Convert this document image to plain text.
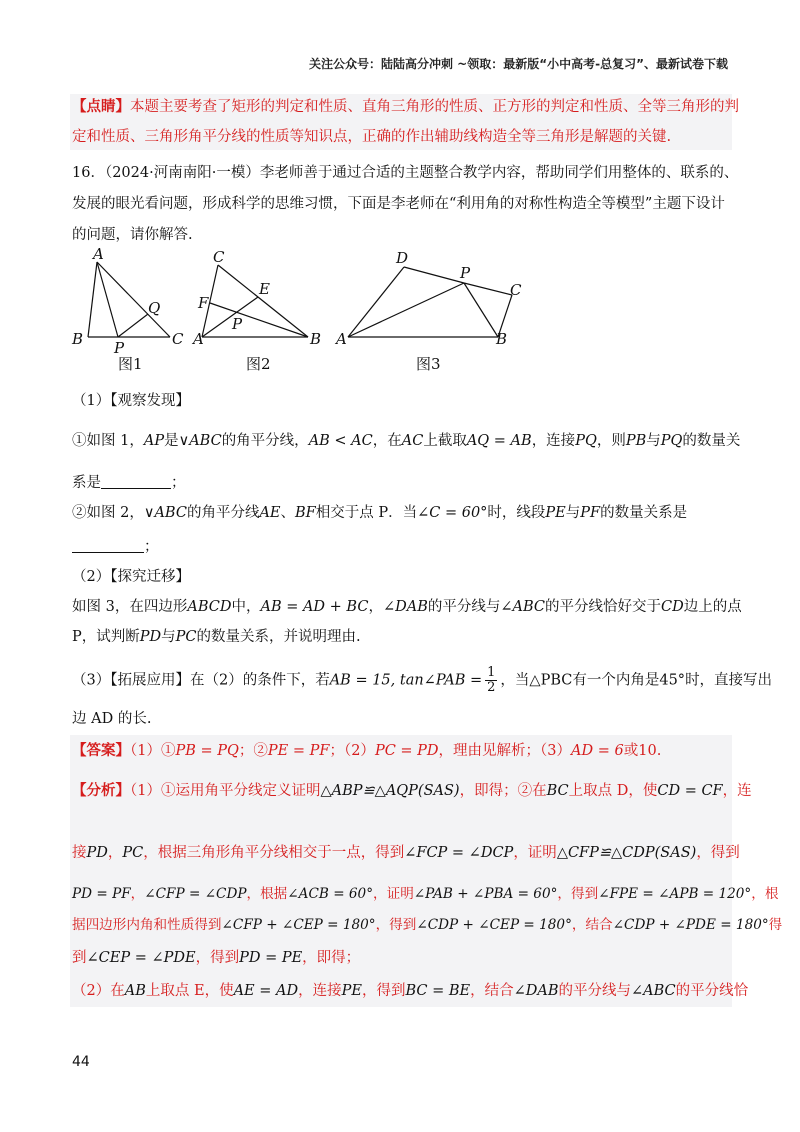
关注公众号：陆陆高分冲刺 ~领取：最新版“小中高考-总复习”、最新试卷下载
【点睛】本题主要考查了矩形的判定和性质、直角三角形的性质、正方形的判定和性质、全等三角形的判
定和性质、三角形角平分线的性质等知识点，正确的作出辅助线构造全等三角形是解题的关键.
16．（2024·河南南阳·一模）李老师善于通过合适的主题整合教学内容，帮助同学们用整体的、联系的、
发展的眼光看问题，形成科学的思维习惯，下面是李老师在“利用角的对称性构造全等模型”主题下设计
的问题，请你解答.
A
B	C
P
Q
图1
C
E
F
P
A	B
图2
D
P
C
A	B
图3
（1）【观察发现】
①如图 1，AP是∨ABC的角平分线，AB < AC，在AC上截取AQ = AB，连接PQ，则PB与PQ的数量关
系是	；
②如图 2，∨ABC的角平分线AE、BF相交于点 P．当∠C = 60°时，线段PE与PF的数量关系是
；
（2）【探究迁移】
如图 3，在四边形ABCD中，AB = AD + BC，∠DAB的平分线与∠ABC的平分线恰好交于CD边上的点
P，试判断PD与PC的数量关系，并说明理由.
（3）【拓展应用】在（2）的条件下，若AB = 15, tan∠PAB = $\frac{1}{2}$ ，当△PBC有一个内角是45°时，直接写出
边 AD 的长.
【答案】（1）①PB = PQ；②PE = PF；（2）PC = PD，理由见解析；（3）AD = 6或10.
【分析】（1）①运用角平分线定义证明△ABP≌△AQP(SAS)，即得；②在BC上取点 D，使CD = CF，连
接PD，PC，根据三角形角平分线相交于一点，得到∠FCP = ∠DCP，证明△CFP≌△CDP(SAS)，得到
PD = PF，∠CFP = ∠CDP，根据∠ACB = 60°，证明∠PAB + ∠PBA = 60°，得到∠FPE = ∠APB = 120°，根
据四边形内角和性质得到∠CFP + ∠CEP = 180°，得到∠CDP + ∠CEP = 180°，结合∠CDP + ∠PDE = 180°得
到∠CEP = ∠PDE，得到PD = PE，即得；
（2）在AB上取点 E，使AE = AD，连接PE，得到BC = BE，结合∠DAB的平分线与∠ABC的平分线恰
44
